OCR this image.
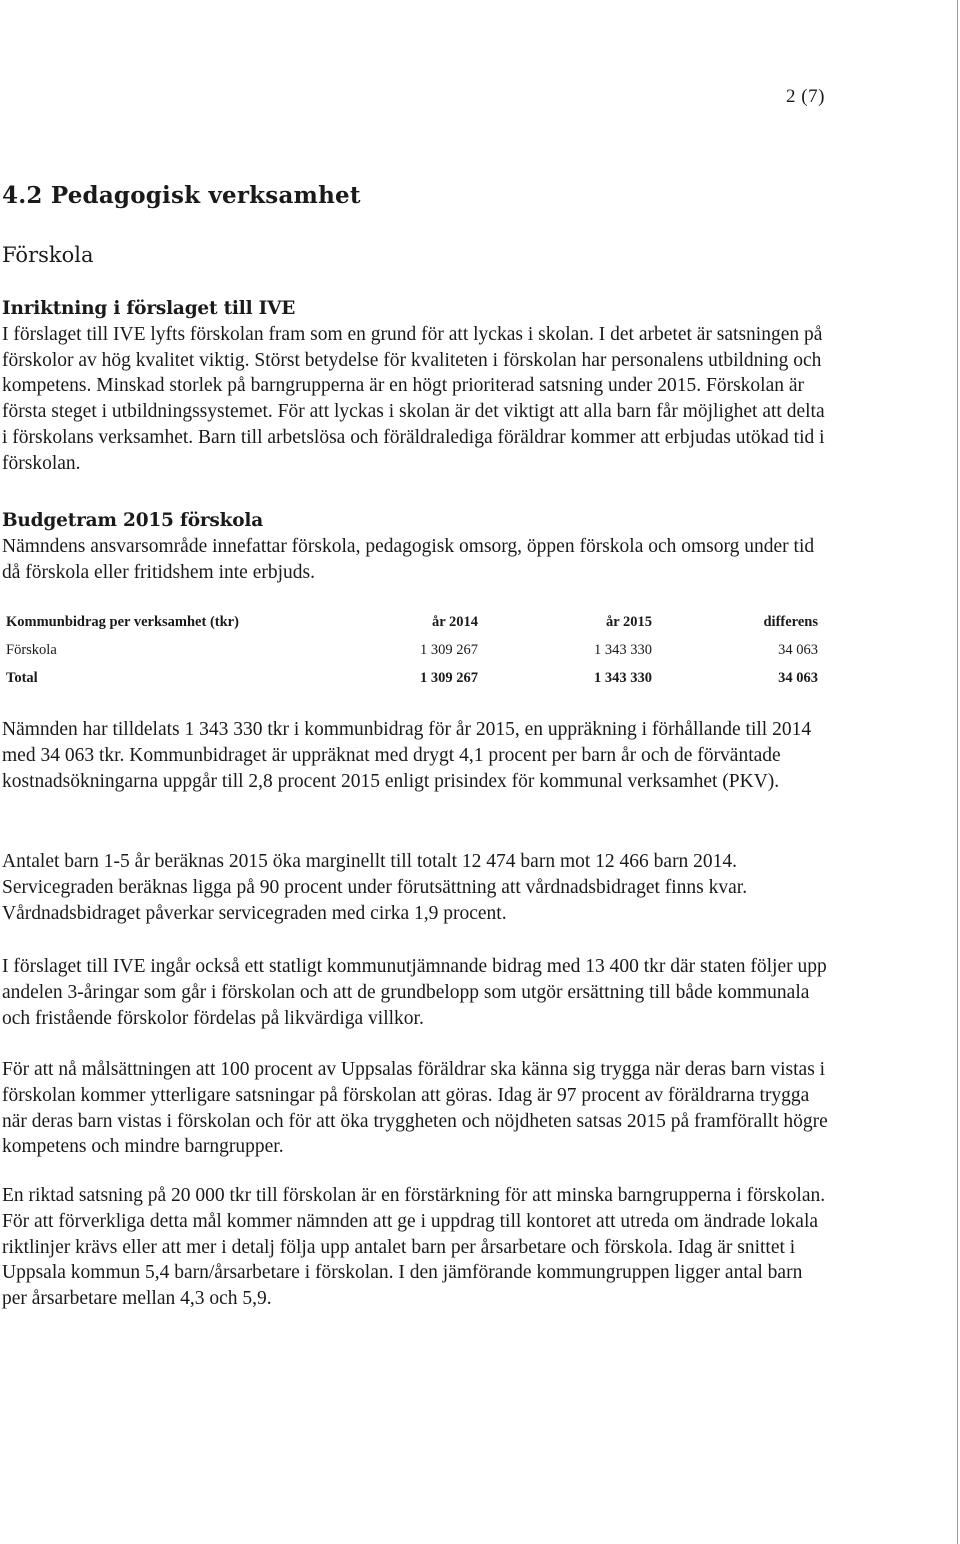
2 (7)
4.2 Pedagogisk verksamhet
Förskola
Inriktning i förslaget till IVE

I förslaget till IVE lyfts förskolan fram som en grund för att lyckas i skolan. I det arbetet är satsningen på förskolor av hög kvalitet viktig. Störst betydelse för kvaliteten i förskolan har personalens utbildning och kompetens. Minskad storlek på barngrupperna är en högt prioriterad satsning under 2015. Förskolan är första steget i utbildningssystemet. För att lyckas i skolan är det viktigt att alla barn får möjlighet att delta i förskolans verksamhet. Barn till arbetslösa och föräldralediga föräldrar kommer att erbjudas utökad tid i förskolan.

Budgetram 2015 förskola

Nämndens ansvarsområde innefattar förskola, pedagogisk omsorg, öppen förskola och omsorg under tid då förskola eller fritidshem inte erbjuds.

Kommunbidrag per verksamhet (tkr)	år 2014	år 2015	differens
Förskola	1 309 267	1 343 330	34 063
Total	1 309 267	1 343 330	34 063

Nämnden har tilldelats 1 343 330 tkr i kommunbidrag för år 2015, en uppräkning i förhållande till 2014 med 34 063 tkr. Kommunbidraget är uppräknat med drygt 4,1 procent per barn år och de förväntade kostnadsökningarna uppgår till 2,8 procent 2015 enligt prisindex för kommunal verksamhet (PKV).

Antalet barn 1-5 år beräknas 2015 öka marginellt till totalt 12 474 barn mot 12 466 barn 2014. Servicegraden beräknas ligga på 90 procent under förutsättning att vårdnadsbidraget finns kvar. Vårdnadsbidraget påverkar servicegraden med cirka 1,9 procent.

I förslaget till IVE ingår också ett statligt kommunutjämnande bidrag med 13 400 tkr där staten följer upp andelen 3-åringar som går i förskolan och att de grundbelopp som utgör ersättning till både kommunala och fristående förskolor fördelas på likvärdiga villkor.

För att nå målsättningen att 100 procent av Uppsalas föräldrar ska känna sig trygga när deras barn vistas i förskolan kommer ytterligare satsningar på förskolan att göras. Idag är 97 procent av föräldrarna trygga när deras barn vistas i förskolan och för att öka tryggheten och nöjdheten satsas 2015 på framförallt högre kompetens och mindre barngrupper.

En riktad satsning på 20 000 tkr till förskolan är en förstärkning för att minska barngrupperna i förskolan. För att förverkliga detta mål kommer nämnden att ge i uppdrag till kontoret att utreda om ändrade lokala riktlinjer krävs eller att mer i detalj följa upp antalet barn per årsarbetare och förskola. Idag är snittet i Uppsala kommun 5,4 barn/årsarbetare i förskolan. I den jämförande kommungruppen ligger antal barn per årsarbetare mellan 4,3 och 5,9.
